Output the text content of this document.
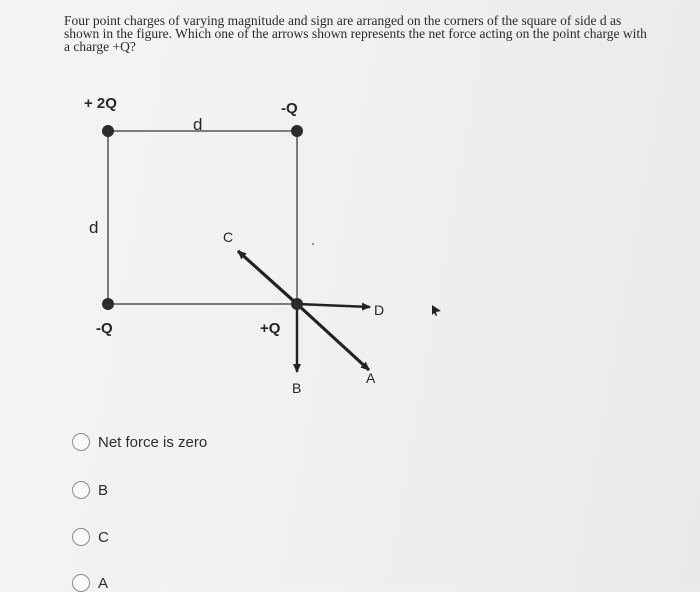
Four point charges of varying magnitude and sign are arranged on the corners of the square of side d as
shown in the figure. Which one of the arrows shown represents the net force acting on the point charge with
a charge +Q?
+ 2Q	-Q
-Q	+Q
d
d	C
D
A
B
Net force is zero
B
C
A
